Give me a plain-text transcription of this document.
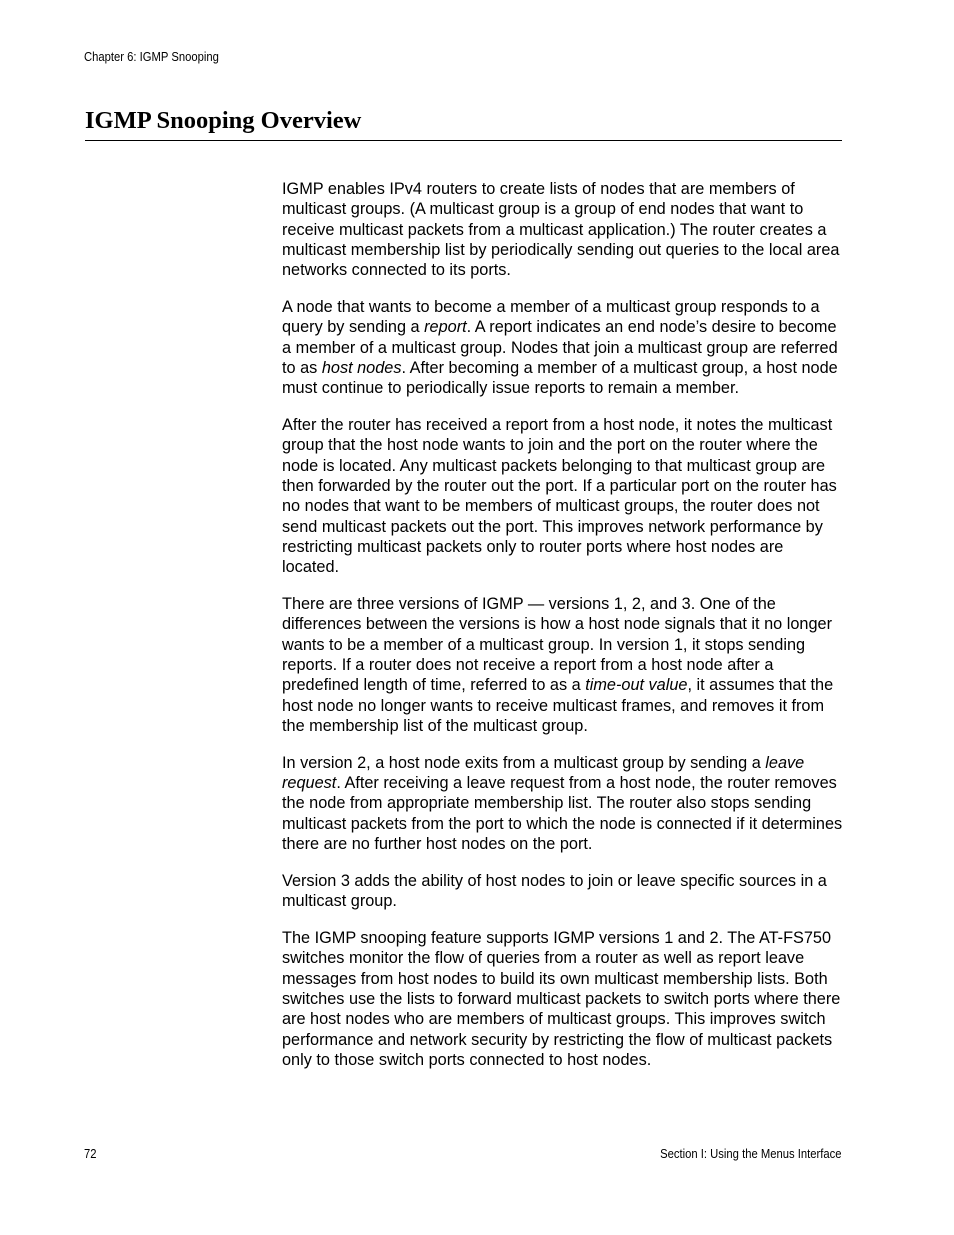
Chapter 6: IGMP Snooping
IGMP Snooping Overview

IGMP enables IPv4 routers to create lists of nodes that are members of multicast groups. (A multicast group is a group of end nodes that want to receive multicast packets from a multicast application.) The router creates a multicast membership list by periodically sending out queries to the local area networks connected to its ports.

A node that wants to become a member of a multicast group responds to a query by sending a report. A report indicates an end node’s desire to become a member of a multicast group. Nodes that join a multicast group are referred to as host nodes. After becoming a member of a multicast group, a host node must continue to periodically issue reports to remain a member.

After the router has received a report from a host node, it notes the multicast group that the host node wants to join and the port on the router where the node is located. Any multicast packets belonging to that multicast group are then forwarded by the router out the port. If a particular port on the router has no nodes that want to be members of multicast groups, the router does not send multicast packets out the port. This improves network performance by restricting multicast packets only to router ports where host nodes are located.

There are three versions of IGMP — versions 1, 2, and 3. One of the differences between the versions is how a host node signals that it no longer wants to be a member of a multicast group. In version 1, it stops sending reports. If a router does not receive a report from a host node after a predefined length of time, referred to as a time-out value, it assumes that the host node no longer wants to receive multicast frames, and removes it from the membership list of the multicast group.

In version 2, a host node exits from a multicast group by sending a leave request. After receiving a leave request from a host node, the router removes the node from appropriate membership list. The router also stops sending multicast packets from the port to which the node is connected if it determines there are no further host nodes on the port.

Version 3 adds the ability of host nodes to join or leave specific sources in a multicast group.

The IGMP snooping feature supports IGMP versions 1 and 2. The AT-FS750 switches monitor the flow of queries from a router as well as report leave messages from host nodes to build its own multicast membership lists. Both switches use the lists to forward multicast packets to switch ports where there are host nodes who are members of multicast groups. This improves switch performance and network security by restricting the flow of multicast packets only to those switch ports connected to host nodes.

72	Section I: Using the Menus Interface
